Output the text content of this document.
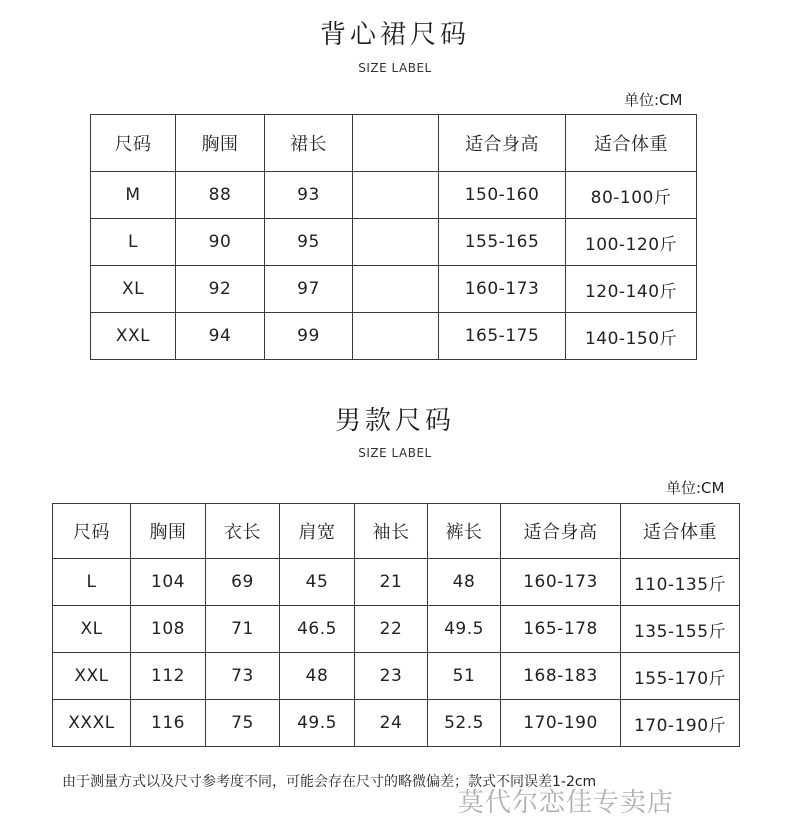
背心裙尺码
SIZE LABEL
单位:CM
尺码	胸围	裙长		适合身高	适合体重
M	88	93		150-160	80-100斤
L	90	95		155-165	100-120斤
XL	92	97		160-173	120-140斤
XXL	94	99		165-175	140-150斤
男款尺码
SIZE LABEL
单位:CM
尺码	胸围	衣长	肩宽	袖长	裤长	适合身高	适合体重
L	104	69	45	21	48	160-173	110-135斤
XL	108	71	46.5	22	49.5	165-178	135-155斤
XXL	112	73	48	23	51	168-183	155-170斤
XXXL	116	75	49.5	24	52.5	170-190	170-190斤
由于测量方式以及尺寸参考度不同，可能会存在尺寸的略微偏差；款式不同误差1-2cm
莫代尔恋佳专卖店
